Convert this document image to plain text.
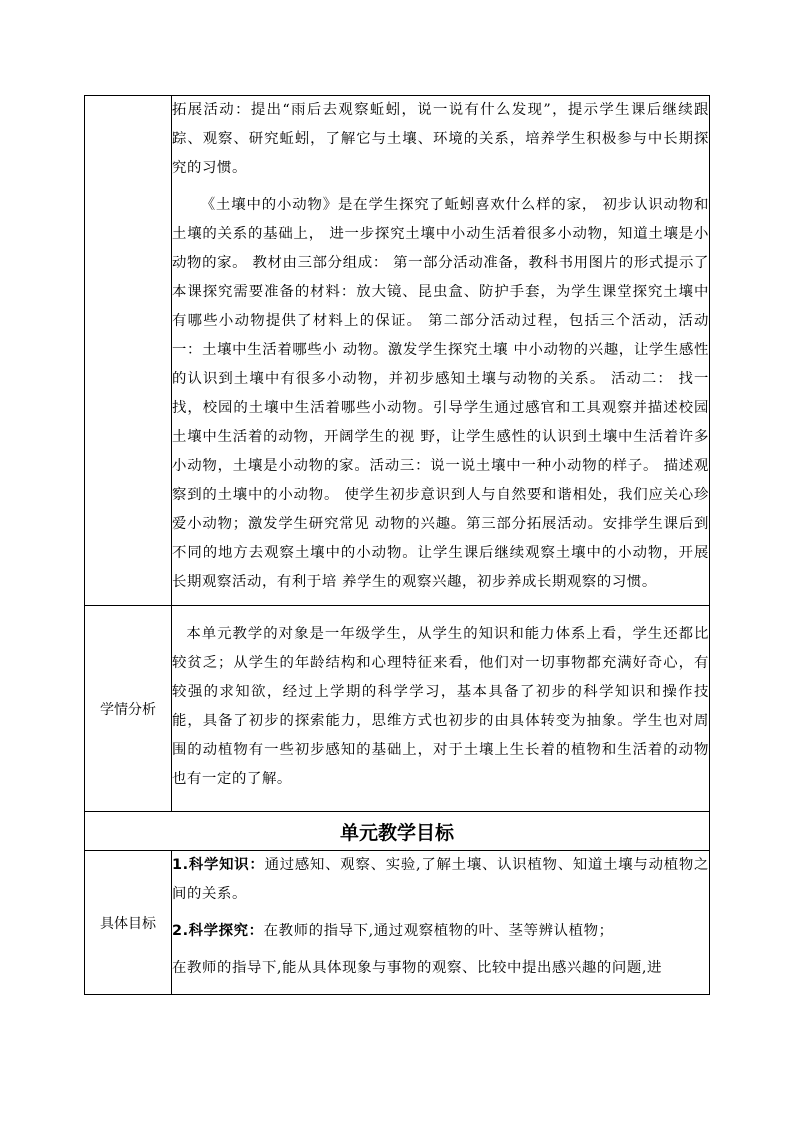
	拓展活动：提出“雨后去观察蚯蚓，说一说有什么发现”，提示学生课后继续跟踪、观察、研究蚯蚓，了解它与土壤、环境的关系，培养学生积极参与中长期探究的习惯。

《土壤中的小动物》是在学生探究了蚯蚓喜欢什么样的家， 初步认识动物和土壤的关系的基础上， 进一步探究土壤中小动生活着很多小动物，知道土壤是小动物的家。 教材由三部分组成： 第一部分活动准备，教科书用图片的形式提示了本课探究需要准备的材料：放大镜、昆虫盒、防护手套，为学生课堂探究土壤中有哪些小动物提供了材料上的保证。 第二部分活动过程，包括三个活动，活动一：土壤中生活着哪些小 动物。激发学生探究土壤 中小动物的兴趣，让学生感性的认识到土壤中有很多小动物，并初步感知土壤与动物的关系。 活动二： 找一找，校园的土壤中生活着哪些小动物。引导学生通过感官和工具观察并描述校园土壤中生活着的动物，开阔学生的视 野，让学生感性的认识到土壤中生活着许多小动物，土壤是小动物的家。活动三：说一说土壤中一种小动物的样子。 描述观察到的土壤中的小动物。 使学生初步意识到人与自然要和谐相处，我们应关心珍爱小动物；激发学生研究常见 动物的兴趣。第三部分拓展活动。安排学生课后到不同的地方去观察土壤中的小动物。让学生课后继续观察土壤中的小动物，开展长期观察活动，有利于培 养学生的观察兴趣，初步养成长期观察的习惯。

学情分析	本单元教学的对象是一年级学生，从学生的知识和能力体系上看，学生还都比较贫乏；从学生的年龄结构和心理特征来看，他们对一切事物都充满好奇心，有较强的求知欲，经过上学期的科学学习，基本具备了初步的科学知识和操作技能，具备了初步的探索能力，思维方式也初步的由具体转变为抽象。学生也对周围的动植物有一些初步感知的基础上，对于土壤上生长着的植物和生活着的动物也有一定的了解。

单元教学目标	
具体目标	1.科学知识：通过感知、观察、实验,了解土壤、认识植物、知道土壤与动植物之间的关系。

2.科学探究：在教师的指导下,通过观察植物的叶、茎等辨认植物；

在教师的指导下,能从具体现象与事物的观察、比较中提出感兴趣的问题,进
